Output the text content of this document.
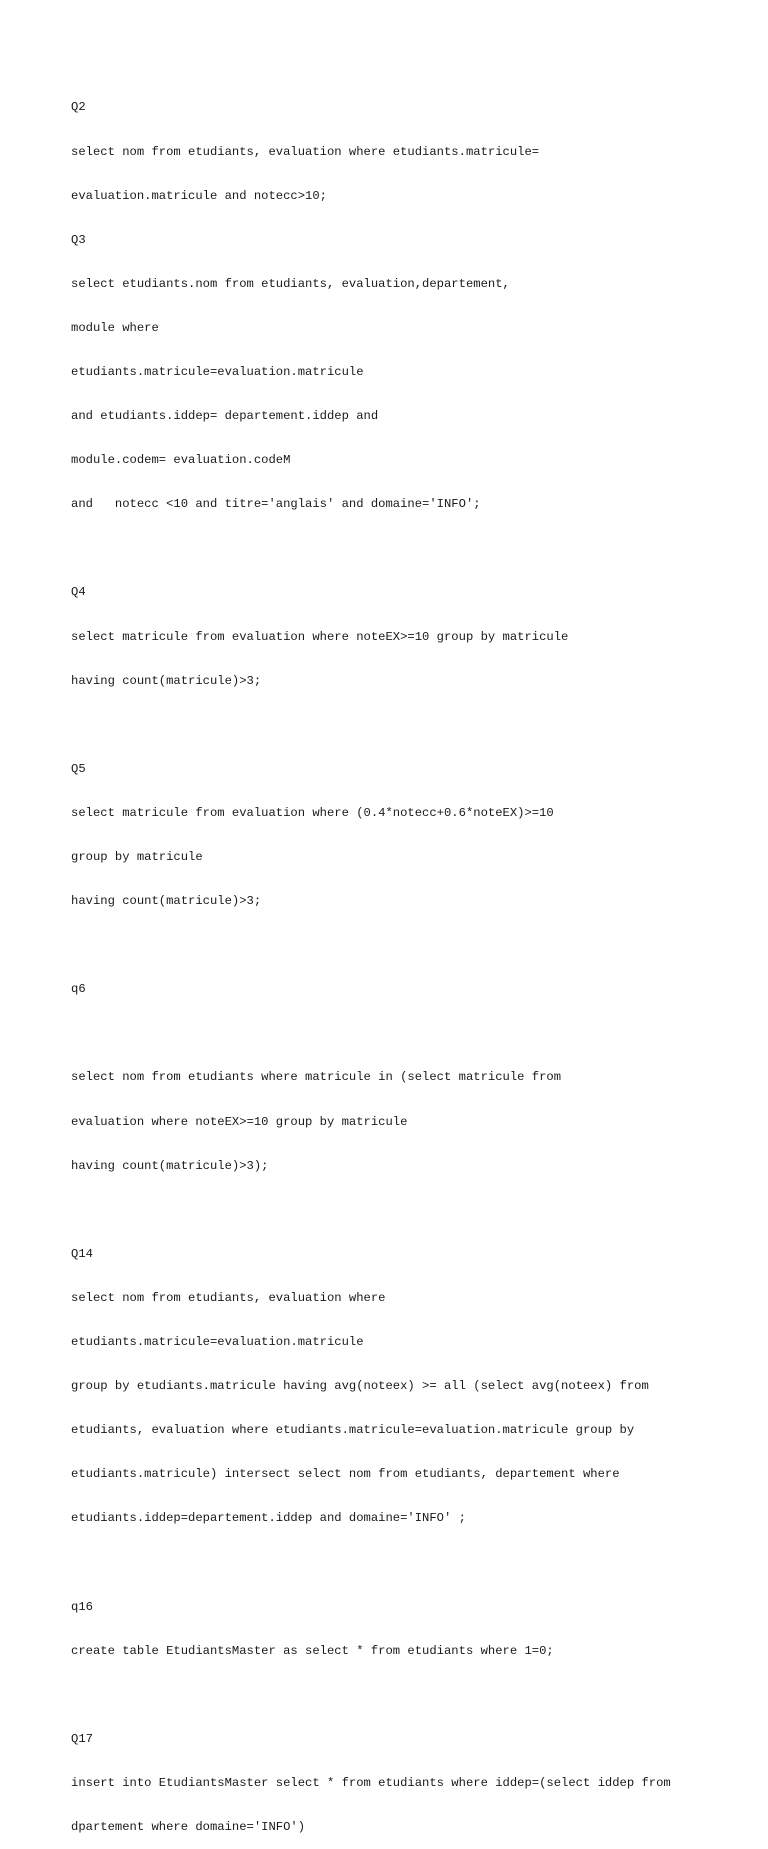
Q2

select nom from etudiants, evaluation where etudiants.matricule=

evaluation.matricule and notecc>10;

Q3

select etudiants.nom from etudiants, evaluation,departement,

module where

etudiants.matricule=evaluation.matricule

and etudiants.iddep= departement.iddep and

module.codem= evaluation.codeM

and   notecc <10 and titre='anglais' and domaine='INFO';

Q4

select matricule from evaluation where noteEX>=10 group by matricule

having count(matricule)>3;

Q5

select matricule from evaluation where (0.4*notecc+0.6*noteEX)>=10

group by matricule

having count(matricule)>3;

q6

select nom from etudiants where matricule in (select matricule from

evaluation where noteEX>=10 group by matricule

having count(matricule)>3);

Q14

select nom from etudiants, evaluation where

etudiants.matricule=evaluation.matricule

group by etudiants.matricule having avg(noteex) >= all (select avg(noteex) from

etudiants, evaluation where etudiants.matricule=evaluation.matricule group by

etudiants.matricule) intersect select nom from etudiants, departement where

etudiants.iddep=departement.iddep and domaine='INFO' ;

q16

create table EtudiantsMaster as select * from etudiants where 1=0;

Q17

insert into EtudiantsMaster select * from etudiants where iddep=(select iddep from

dpartement where domaine='INFO')
